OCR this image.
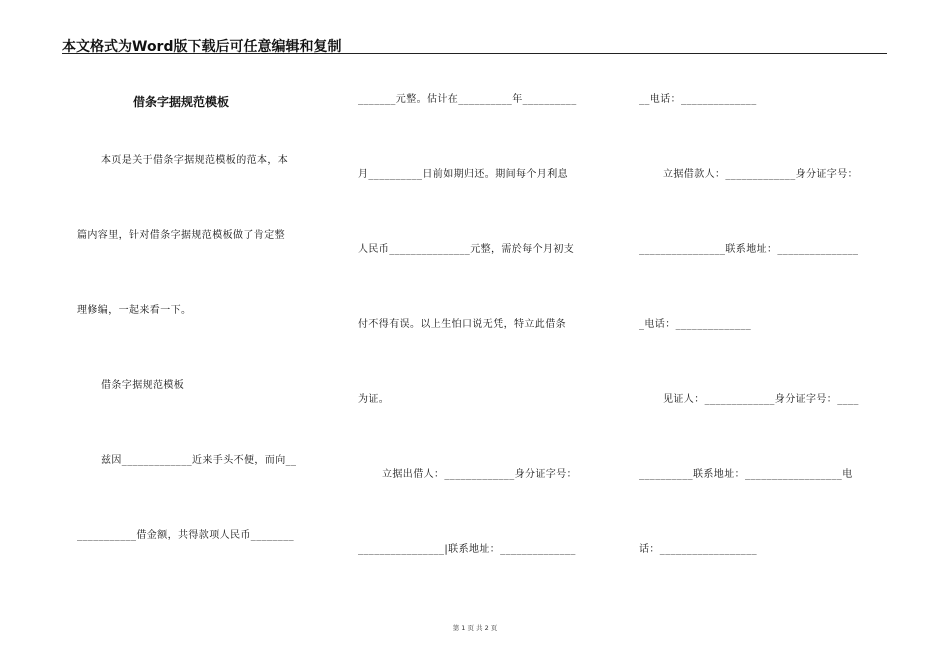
本文格式为Word版下载后可任意编辑和复制
借条字据规范模板
本页是关于借条字据规范模板的范本，本
篇内容里，针对借条字据规范模板做了肯定整
理修编，一起来看一下。
借条字据规范模板
兹因_____________近来手头不便，而向__
___________借金额，共得款项人民币________
_______元整。估计在__________年__________
月__________日前如期归还。期间每个月利息
人民币_______________元整，需於每个月初支
付不得有误。以上生怕口说无凭，特立此借条
为证。
立据出借人：_____________身分证字号：
________________|联系地址：______________
__电话：______________
立据借款人：_____________身分证字号：
________________联系地址：_______________
_电话：______________
见证人：_____________身分证字号：____
__________联系地址：__________________电
话：__________________
第 1 页 共 2 页
